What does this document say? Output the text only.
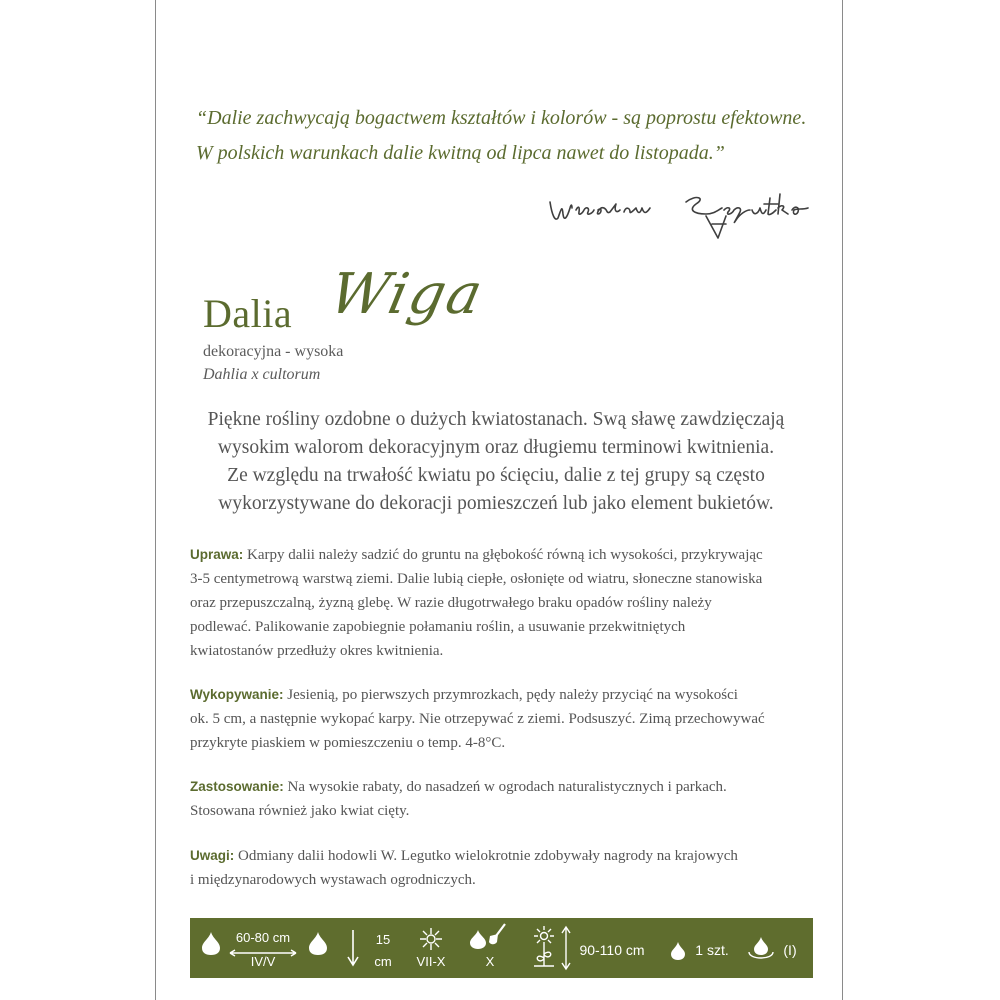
“Dalie zachwycają bogactwem kształtów i kolorów - są poprostu efektowne.
W polskich warunkach dalie kwitną od lipca nawet do listopada.”
Dalia Wiga
dekoracyjna - wysoka
Dahlia x cultorum
Piękne rośliny ozdobne o dużych kwiatostanach. Swą sławę zawdzięczają
wysokim walorom dekoracyjnym oraz długiemu terminowi kwitnienia.
Ze względu na trwałość kwiatu po ścięciu, dalie z tej grupy są często
wykorzystywane do dekoracji pomieszczeń lub jako element bukietów.
Uprawa: Karpy dalii należy sadzić do gruntu na głębokość równą ich wysokości, przykrywając
3-5 centymetrową warstwą ziemi. Dalie lubią ciepłe, osłonięte od wiatru, słoneczne stanowiska
oraz przepuszczalną, żyzną glebę. W razie długotrwałego braku opadów rośliny należy
podlewać. Palikowanie zapobiegnie połamaniu roślin, a usuwanie przekwitniętych
kwiatostanów przedłuży okres kwitnienia.
Wykopywanie: Jesienią, po pierwszych przymrozkach, pędy należy przyciąć na wysokości
ok. 5 cm, a następnie wykopać karpy. Nie otrzepywać z ziemi. Podsuszyć. Zimą przechowywać
przykryte piaskiem w pomieszczeniu o temp. 4-8°C.
Zastosowanie: Na wysokie rabaty, do nasadzeń w ogrodach naturalistycznych i parkach.
Stosowana również jako kwiat cięty.
Uwagi: Odmiany dalii hodowli W. Legutko wielokrotnie zdobywały nagrody na krajowych
i międzynarodowych wystawach ogrodniczych.
60-80 cm
IV/V
15
cm	VII-X	X
90-110 cm	1 szt.	(I)
